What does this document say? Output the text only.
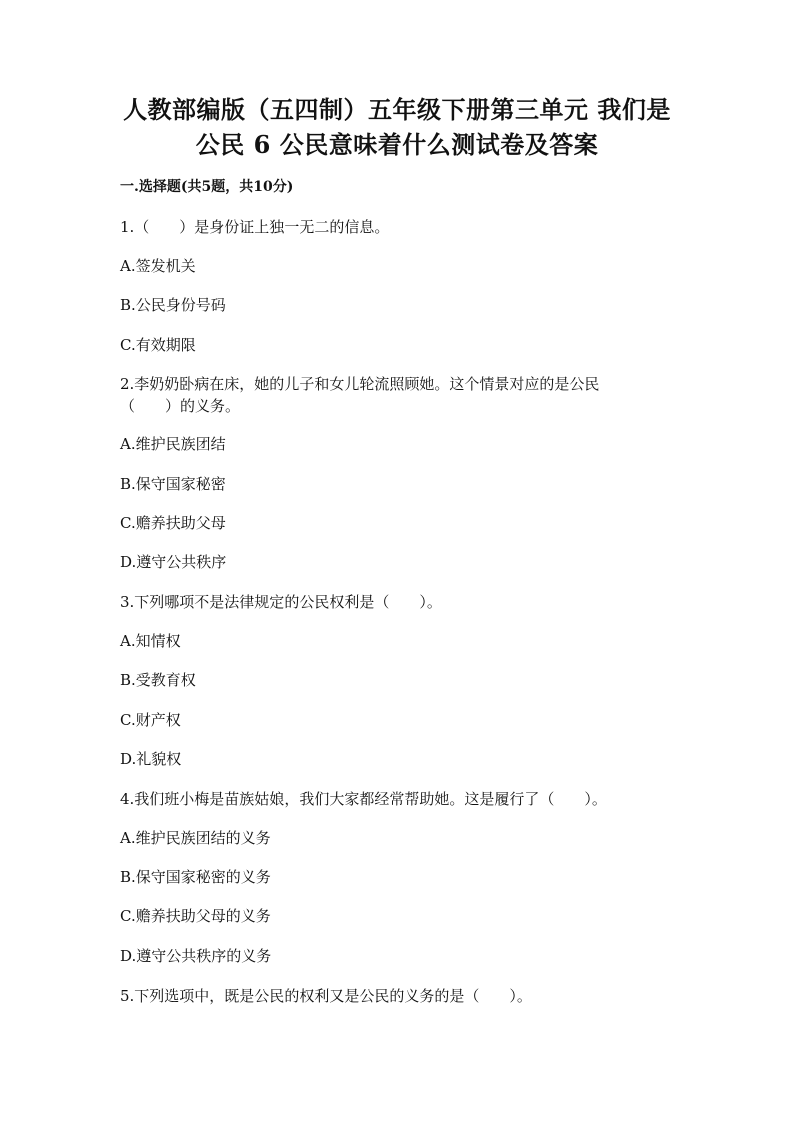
人教部编版（五四制）五年级下册第三单元 我们是
公民 6 公民意味着什么测试卷及答案
一.选择题(共5题，共10分)
1.（　　）是身份证上独一无二的信息。
A.签发机关
B.公民身份号码
C.有效期限
2.李奶奶卧病在床，她的儿子和女儿轮流照顾她。这个情景对应的是公民
（　　）的义务。
A.维护民族团结
B.保守国家秘密
C.赡养扶助父母
D.遵守公共秩序
3.下列哪项不是法律规定的公民权利是（　　）。
A.知情权
B.受教育权
C.财产权
D.礼貌权
4.我们班小梅是苗族姑娘，我们大家都经常帮助她。这是履行了（　　）。
A.维护民族团结的义务
B.保守国家秘密的义务
C.赡养扶助父母的义务
D.遵守公共秩序的义务
5.下列选项中，既是公民的权利又是公民的义务的是（　　）。
